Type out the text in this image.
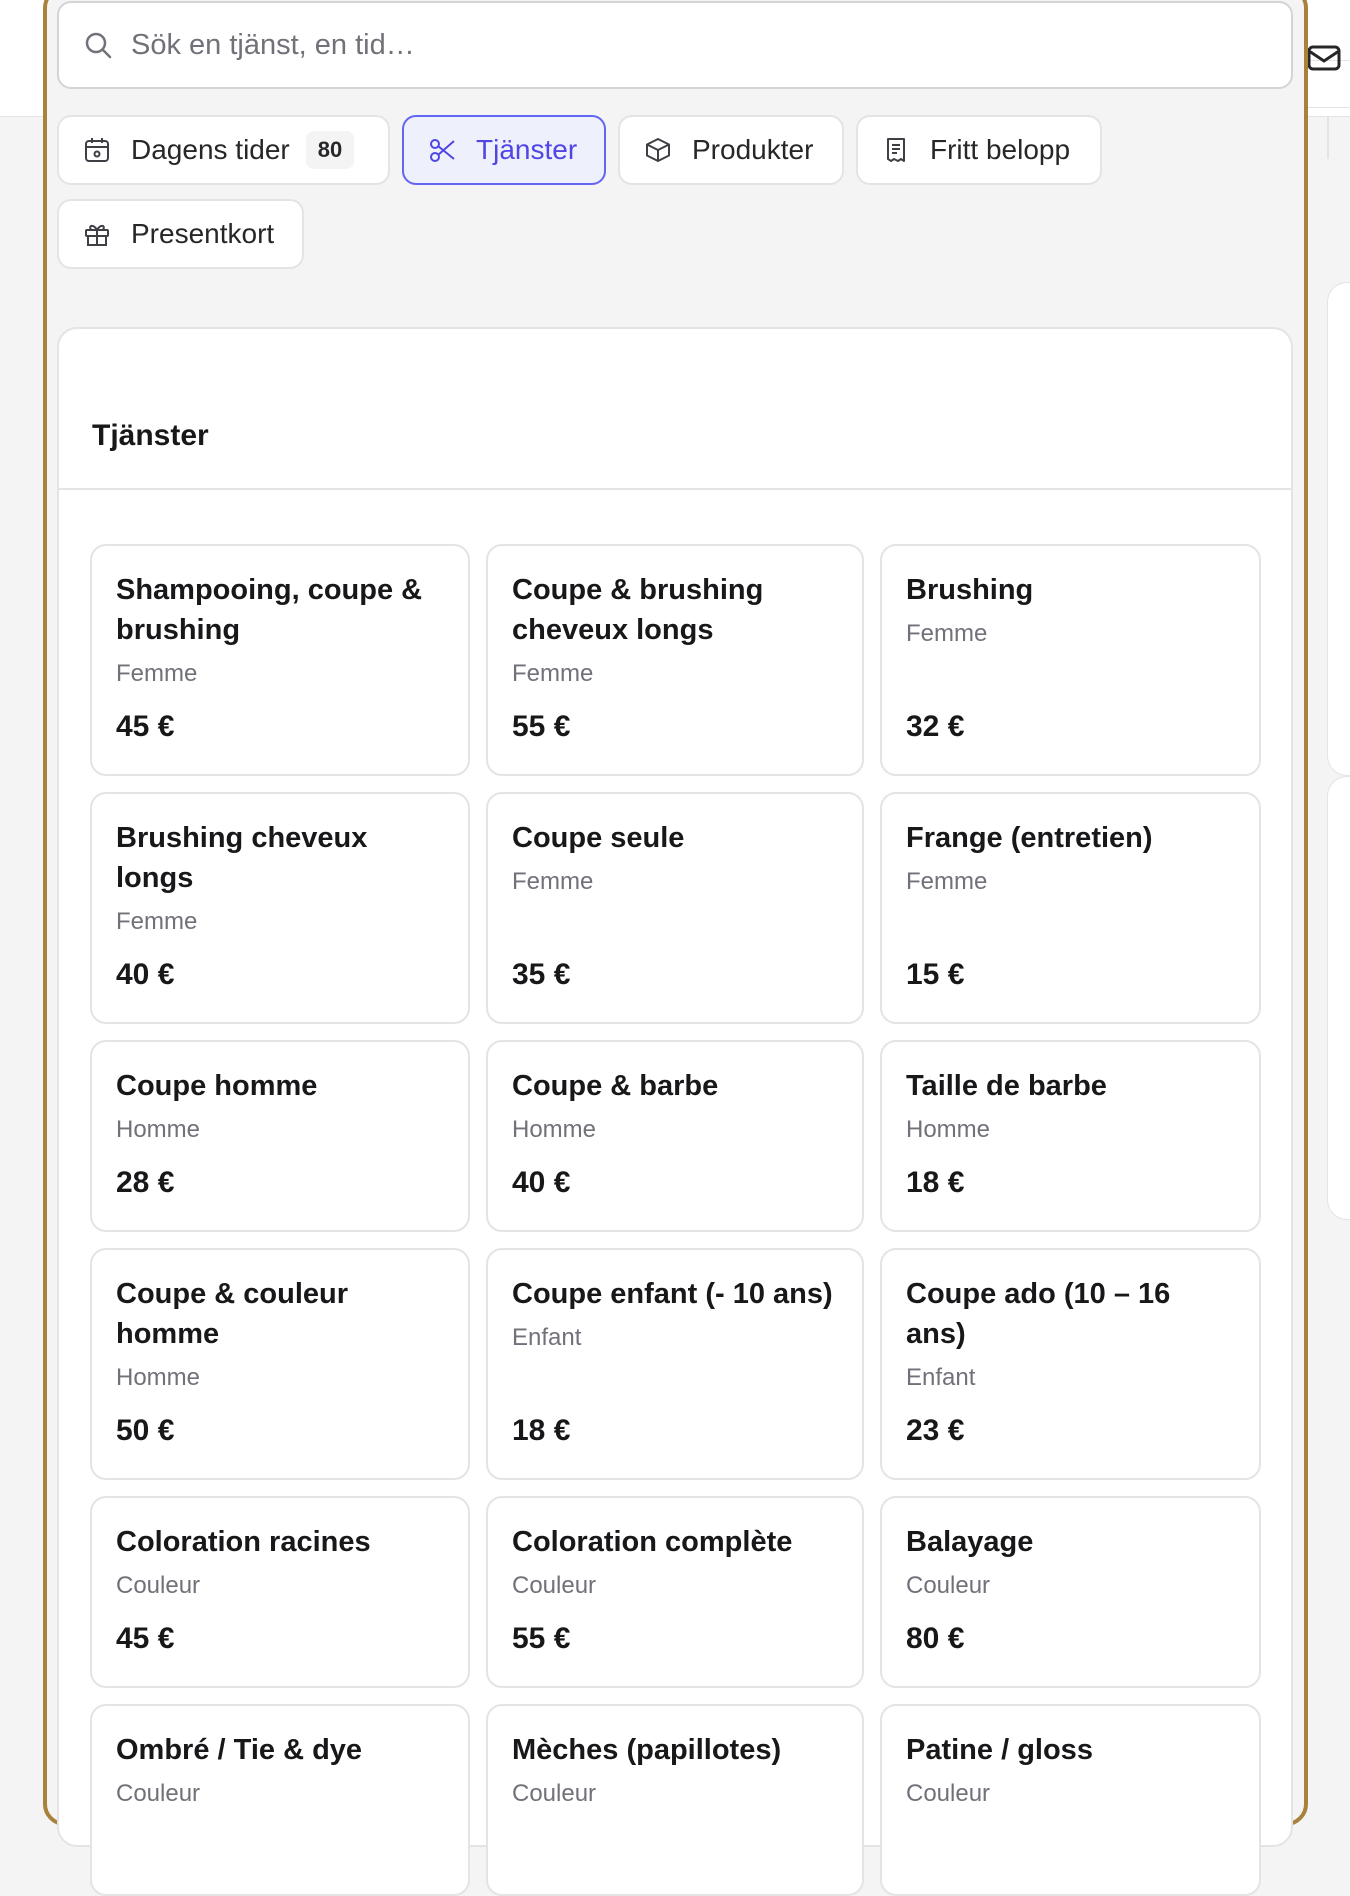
Sök en tjänst, en tid…
Dagens tider	80	Tjänster	Produkter	Fritt belopp
Presentkort
Tjänster
Shampooing, coupe & brushing
Femme
45 €
Coupe & brushing cheveux longs
Femme
55 €
Brushing
Femme
32 €
Brushing cheveux longs
Femme
40 €
Coupe seule
Femme
35 €
Frange (entretien)
Femme
15 €
Coupe homme
Homme
28 €
Coupe & barbe
Homme
40 €
Taille de barbe
Homme
18 €
Coupe & couleur homme
Homme
50 €
Coupe enfant (- 10 ans)
Enfant
18 €
Coupe ado (10 – 16 ans)
Enfant
23 €
Coloration racines
Couleur
45 €
Coloration complète
Couleur
55 €
Balayage
Couleur
80 €
Ombré / Tie & dye
Couleur
Mèches (papillotes)
Couleur
Patine / gloss
Couleur
